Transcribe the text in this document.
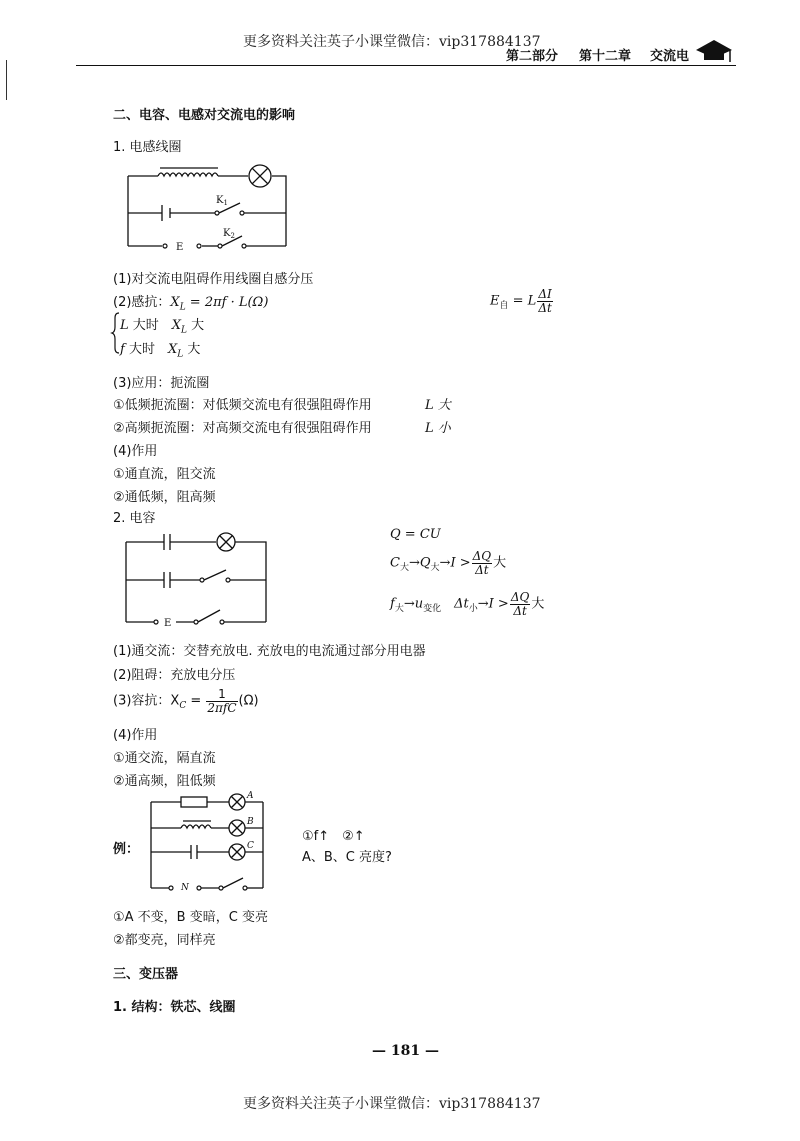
更多资料关注英子小课堂微信：vip317884137
第二部分 第十二章 交流电
二、电容、电感对交流电的影响
1. 电感线圈
$K_1$
$K_2$
E
(1)对交流电阻碍作用线圈自感分压
(2)感抗：$X_L = 2\pi f \cdot L(\Omega)$
L 大时　$X_L$ 大
f 大时　$X_L$ 大
$E_自 = L \frac{\Delta I}{\Delta t}$
(3)应用：扼流圈
①低频扼流圈：对低频交流电有很强阻碍作用	L 大
②高频扼流圈：对高频交流电有很强阻碍作用	L 小
(4)作用
①通直流，阻交流
②通低频，阻高频
2. 电容
E
Q = CU
$C_大\to Q_大\to I > \frac{\Delta Q}{\Delta t}$ 大
$f_大\to u_{变化}$　$\Delta t_小\to I > \frac{\Delta Q}{\Delta t}$ 大
(1)通交流：交替充放电. 充放电的电流通过部分用电器
(2)阻碍：充放电分压
(3)容抗：$X_C = \frac{1}{\text{2πfC}} (\Omega)$
(4)作用
①通交流，隔直流
②通高频，阻低频
例：
A
B
C
N
①f↑　②↑
A、B、C 亮度?
①A 不变，B 变暗，C 变亮
②都变亮，同样亮
三、变压器
1. 结构：铁芯、线圈
— 181 —
更多资料关注英子小课堂微信：vip317884137
